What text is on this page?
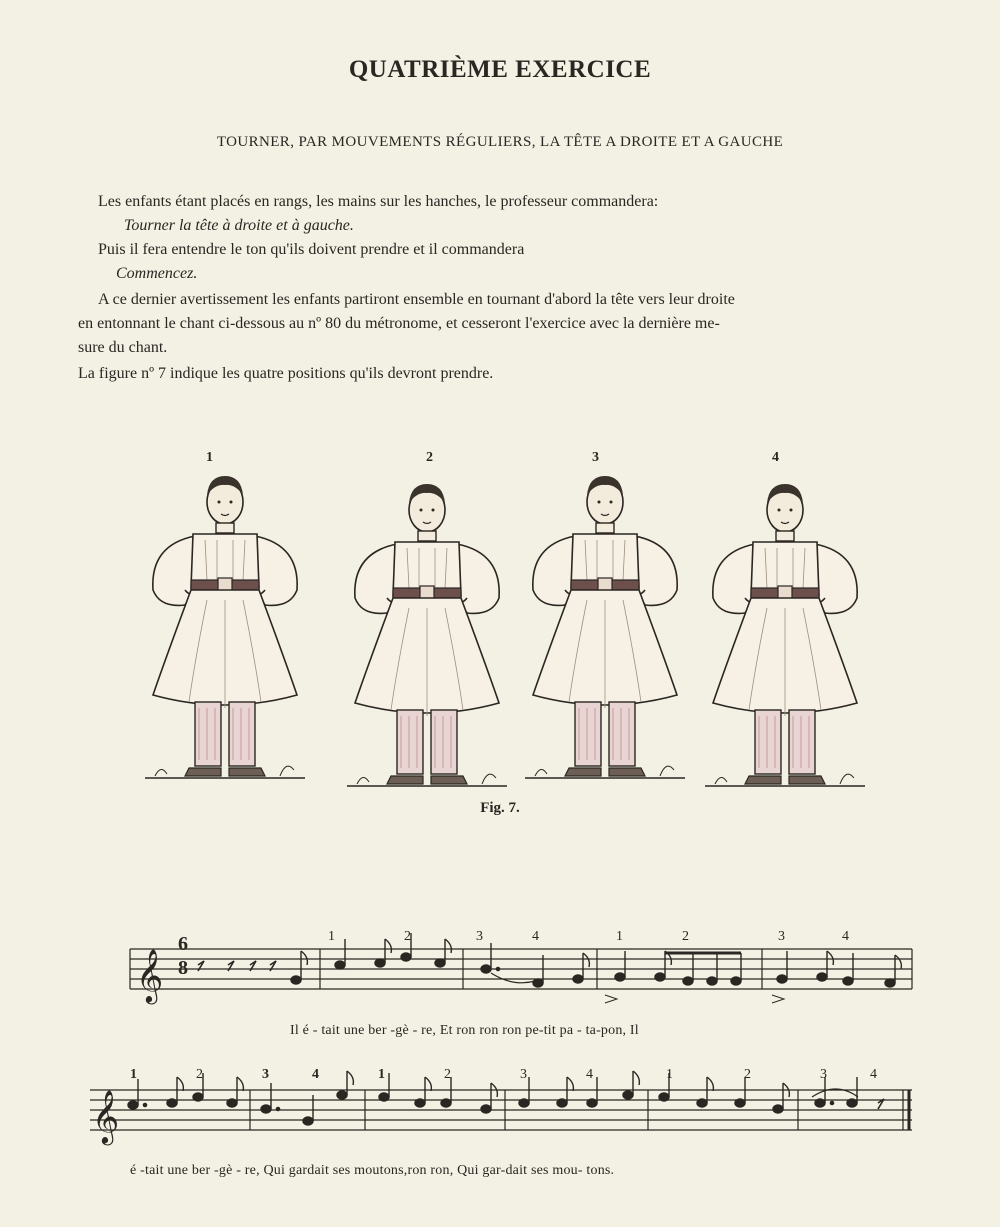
QUATRIÈME EXERCICE
TOURNER, PAR MOUVEMENTS RÉGULIERS, LA TÊTE A DROITE ET A GAUCHE
Les enfants étant placés en rangs, les mains sur les hanches, le professeur commandera:
Tourner la tête à droite et à gauche.
Puis il fera entendre le ton qu'ils doivent prendre et il commandera
Commencez.
A ce dernier avertissement les enfants partiront ensemble en tournant d'abord la tête vers leur droite
en entonnant le chant ci-dessous au nº 80 du métronome, et cesseront l'exercice avec la dernière me-
sure du chant.
La figure nº 7 indique les quatre positions qu'ils devront prendre.
1	2	3	4
Fig. 7.
𝄞
𝄞
6
8
1	2	3	4	1	2	3	4
Il é - tait une ber -gè - re, Et ron ron ron pe-tit pa - ta-pon, Il
1	2	3	4	1	2	3	4	1	2	3	4
é -tait une ber -gè - re, Qui gardait ses moutons,ron ron, Qui gar-dait ses mou- tons.
